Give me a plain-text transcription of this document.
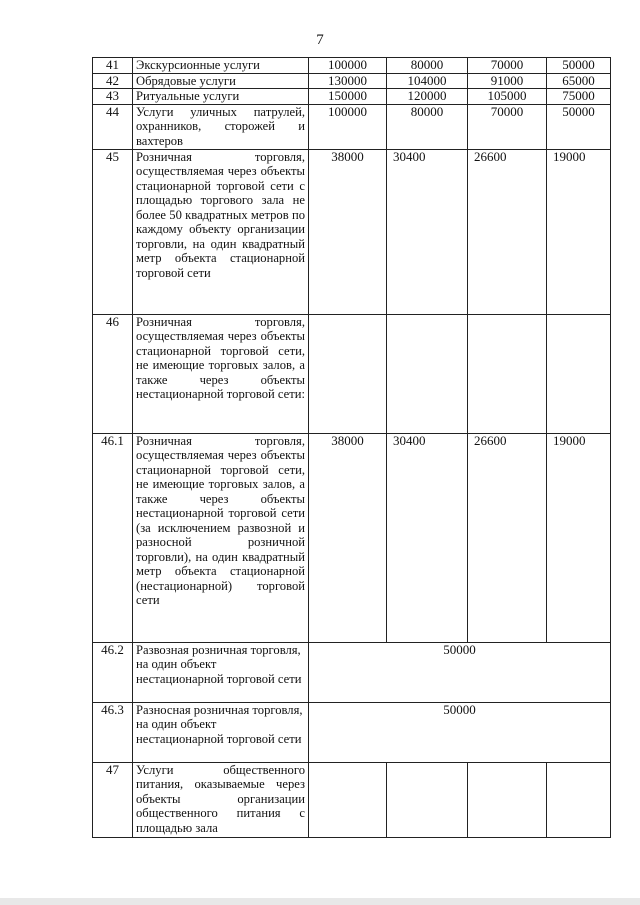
7
41	Экскурсионные услуги	100000	80000	70000	50000
42	Обрядовые услуги	130000	104000	91000	65000
43	Ритуальные услуги	150000	120000	105000	75000
44	Услуги уличных патрулей, охранников, сторожей и вахтеров	100000	80000	70000	50000
45	Розничная торговля, осуществляемая через объекты стационарной торговой сети с площадью торгового зала не более 50 квадратных метров по каждому объекту организации торговли, на один квадратный метр объекта стационарной торговой сети	38000	30400	26600	19000
46	Розничная торговля, осуществляемая через объекты стационарной торговой сети, не имеющие торговых залов, а также через объекты нестационарной торговой сети:				
46.1	Розничная торговля, осуществляемая через объекты стационарной торговой сети, не имеющие торговых залов, а также через объекты нестационарной торговой сети (за исключением развозной и разносной розничной торговли), на один квадратный метр объекта стационарной (нестационарной) торговой сети	38000	30400	26600	19000
46.2	Развозная розничная торговля, на один объект нестационарной торговой сети	50000			
46.3	Разносная розничная торговля, на один объект нестационарной торговой сети	50000			
47	Услуги общественного питания, оказываемые через объекты организации общественного питания с площадью зала				
